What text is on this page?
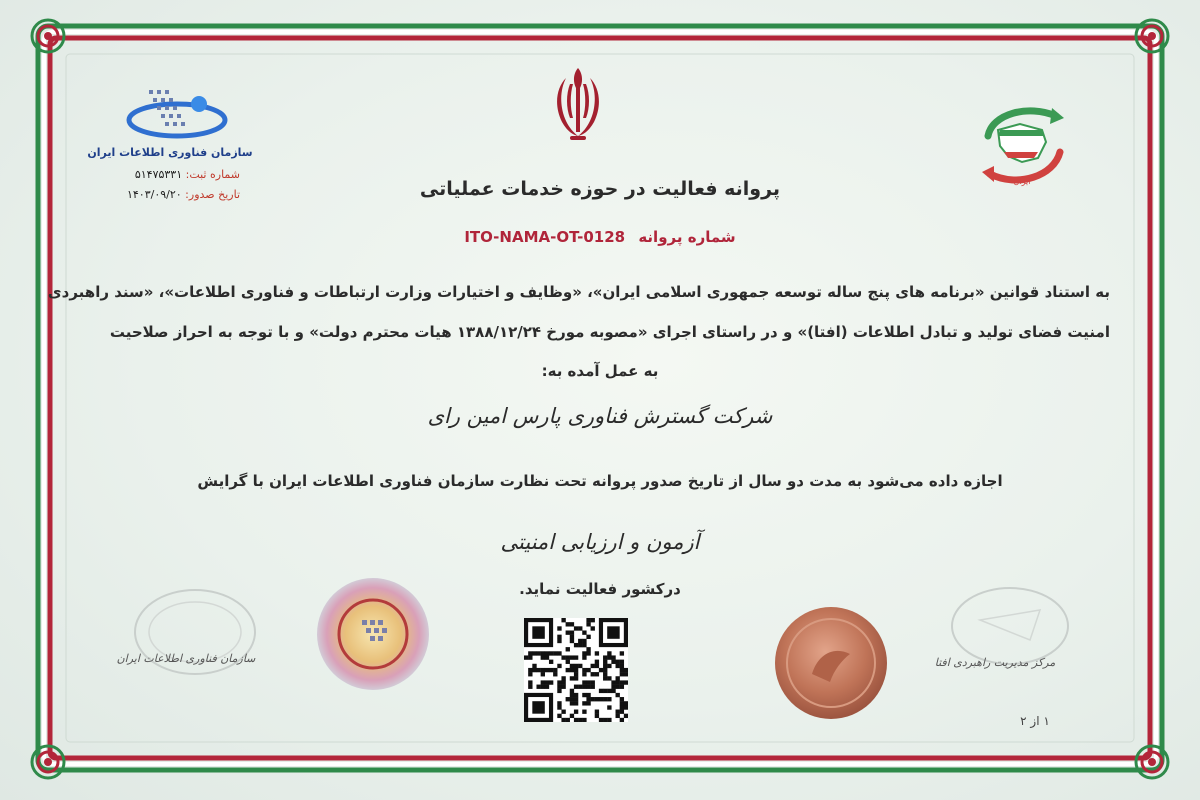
سازمان فناوری اطلاعات ایران
شماره ثبت: ۵۱۴۷۵۳۳۱
تاریخ صدور: ۱۴۰۳/۰۹/۲۰
ایران
پروانه فعالیت در حوزه خدمات عملیاتی
شماره پروانه ITO-NAMA-OT-0128
به استناد قوانین «برنامه های پنج ساله توسعه جمهوری اسلامی ایران»، «وظایف و اختیارات وزارت ارتباطات و فناوری اطلاعات»، «سند راهبردی
امنیت فضای تولید و تبادل اطلاعات (افتا)» و در راستای اجرای «مصوبه مورخ ۱۳۸۸/۱۲/۲۴ هیات محترم دولت» و با توجه به احراز صلاحیت
به عمل آمده به:
شرکت گسترش فناوری پارس امین رای
اجازه داده می‌شود به مدت دو سال از تاریخ صدور پروانه تحت نظارت سازمان فناوری اطلاعات ایران با گرایش
آزمون و ارزیابی امنیتی
درکشور فعالیت نماید.
سازمان فناوری اطلاعات ایران	مرکز مدیریت راهبردی افتا
۱ از ۲
